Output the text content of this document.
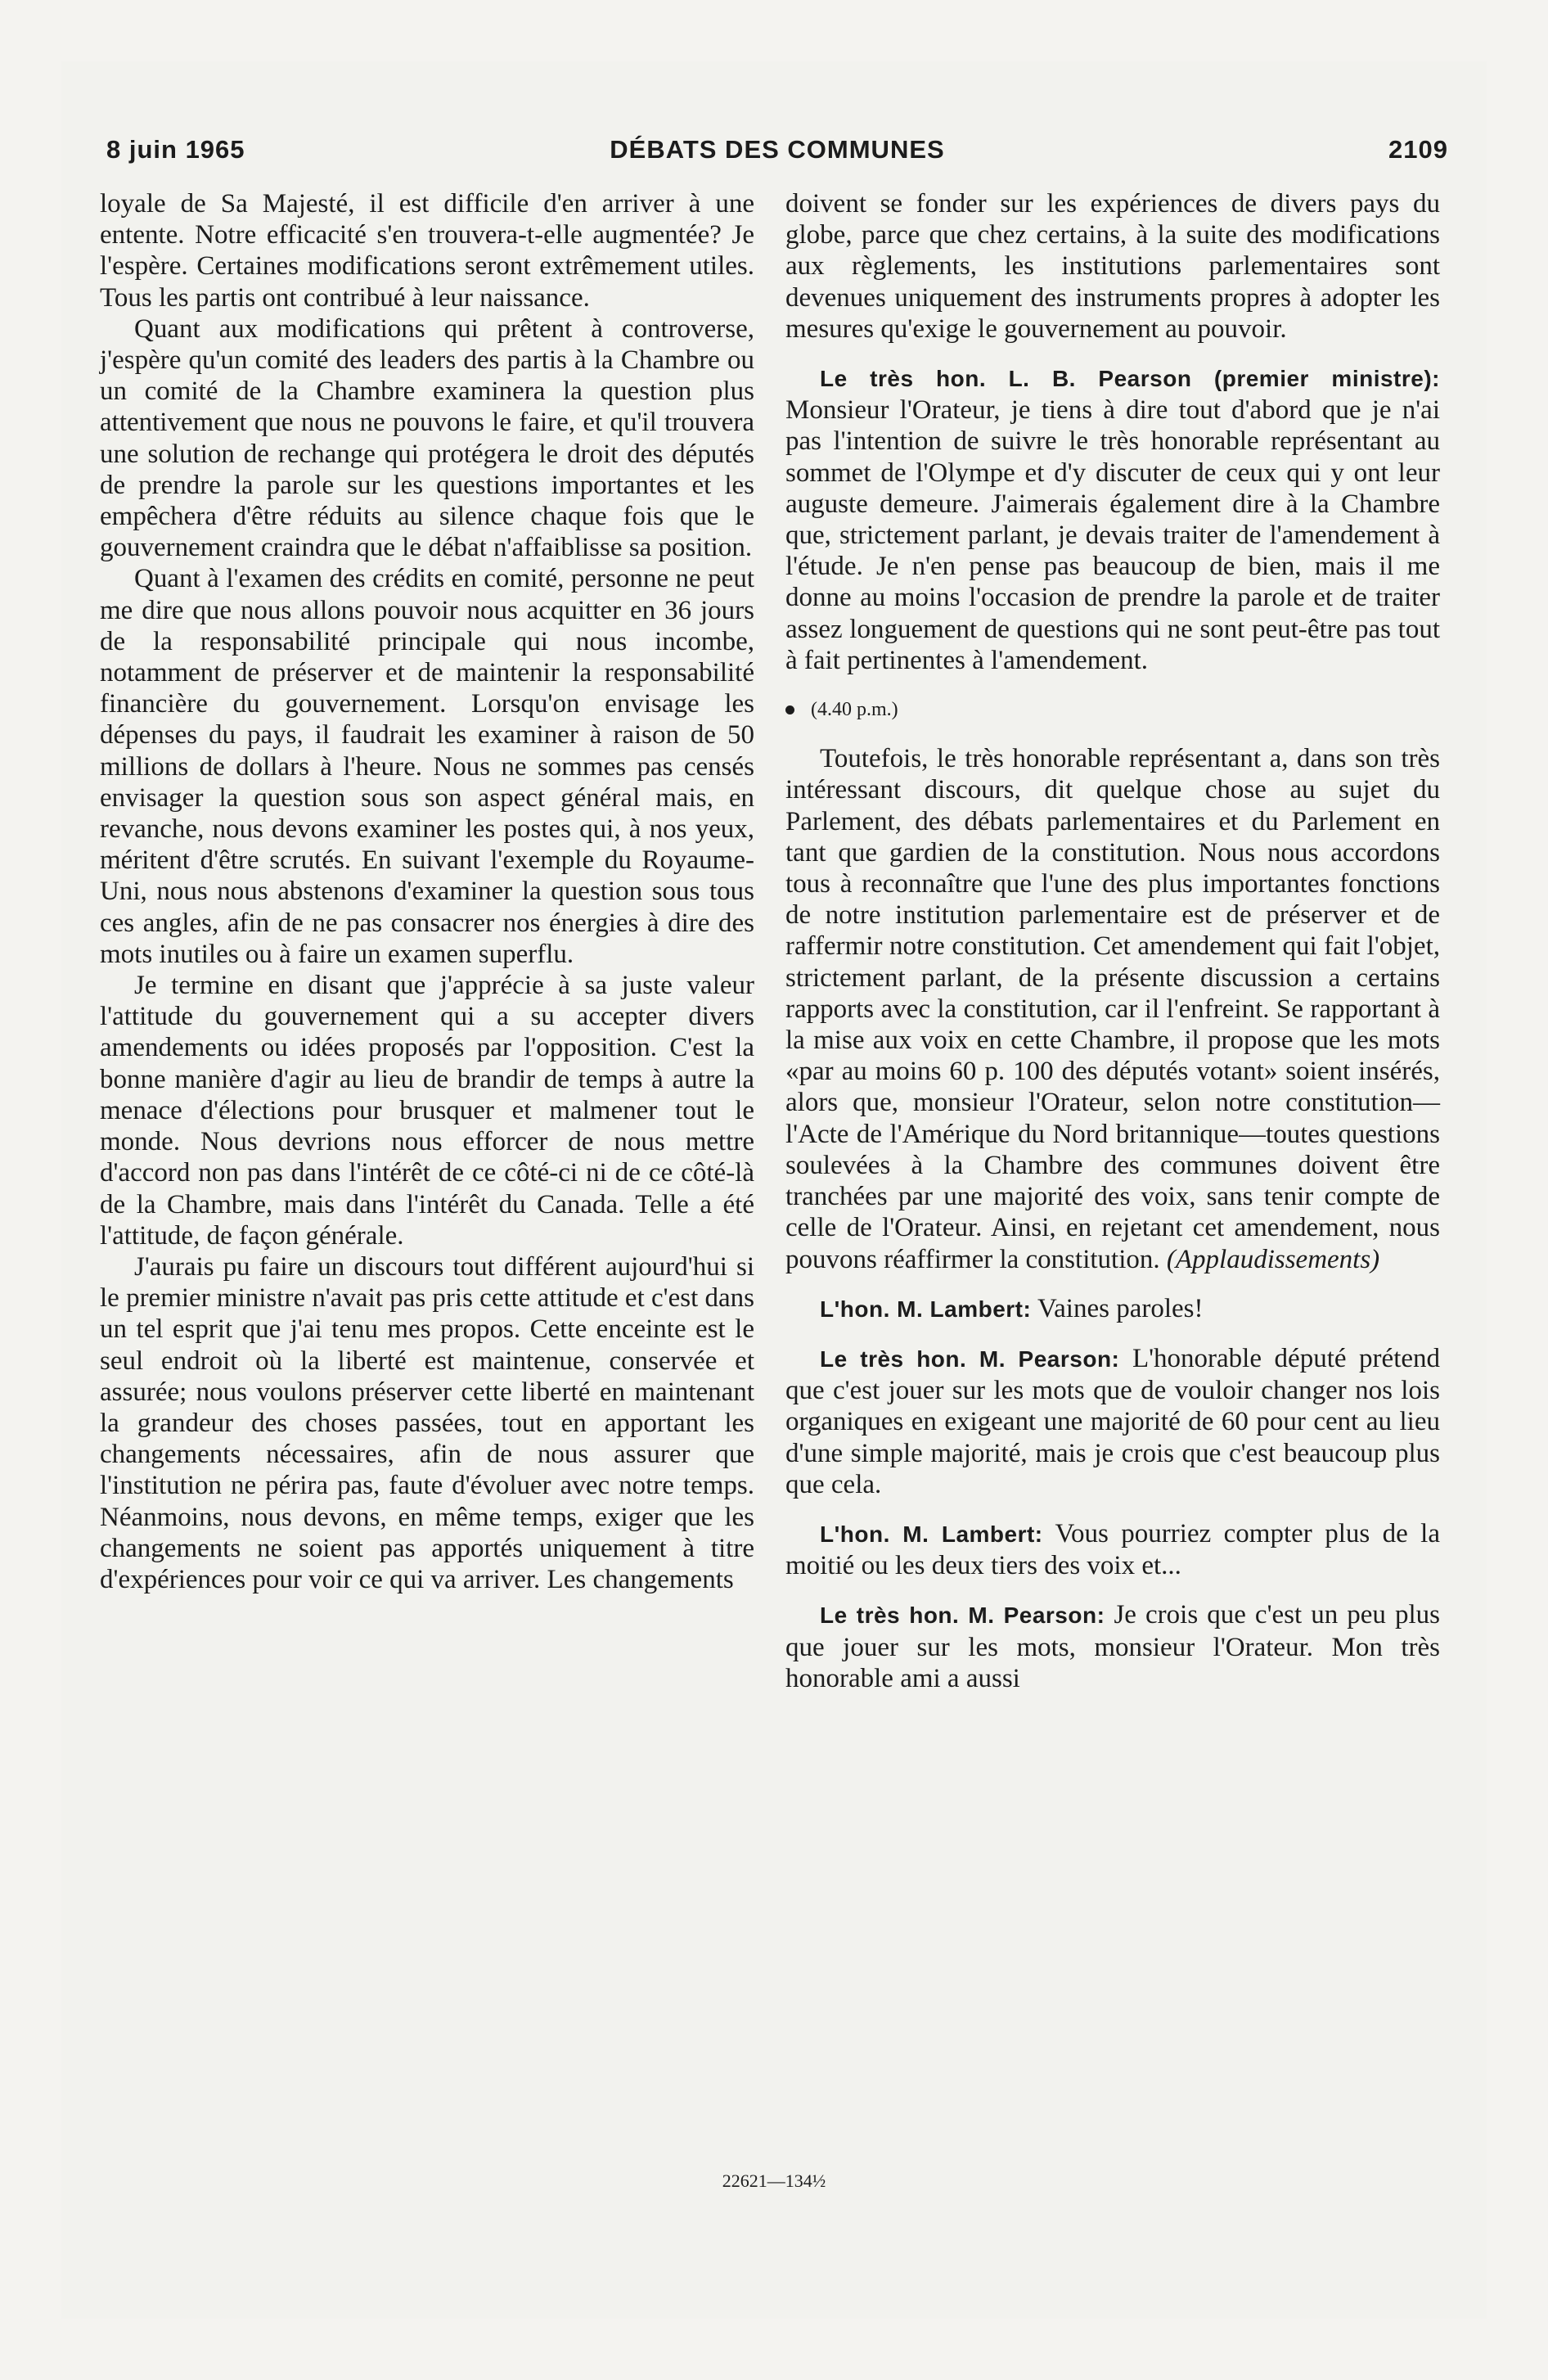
8 juin 1965	DÉBATS DES COMMUNES	2109

loyale de Sa Majesté, il est difficile d'en arriver à une entente. Notre efficacité s'en trouvera-t-elle augmentée? Je l'espère. Certaines modifications seront extrêmement utiles. Tous les partis ont contribué à leur naissance.

Quant aux modifications qui prêtent à controverse, j'espère qu'un comité des leaders des partis à la Chambre ou un comité de la Chambre examinera la question plus attentivement que nous ne pouvons le faire, et qu'il trouvera une solution de rechange qui protégera le droit des députés de prendre la parole sur les questions importantes et les empêchera d'être réduits au silence chaque fois que le gouvernement craindra que le débat n'affaiblisse sa position.

Quant à l'examen des crédits en comité, personne ne peut me dire que nous allons pouvoir nous acquitter en 36 jours de la responsabilité principale qui nous incombe, notamment de préserver et de maintenir la responsabilité financière du gouvernement. Lorsqu'on envisage les dépenses du pays, il faudrait les examiner à raison de 50 millions de dollars à l'heure. Nous ne sommes pas censés envisager la question sous son aspect général mais, en revanche, nous devons examiner les postes qui, à nos yeux, méritent d'être scrutés. En suivant l'exemple du Royaume-Uni, nous nous abstenons d'examiner la question sous tous ces angles, afin de ne pas consacrer nos énergies à dire des mots inutiles ou à faire un examen superflu.

Je termine en disant que j'apprécie à sa juste valeur l'attitude du gouvernement qui a su accepter divers amendements ou idées proposés par l'opposition. C'est la bonne manière d'agir au lieu de brandir de temps à autre la menace d'élections pour brusquer et malmener tout le monde. Nous devrions nous efforcer de nous mettre d'accord non pas dans l'intérêt de ce côté-ci ni de ce côté-là de la Chambre, mais dans l'intérêt du Canada. Telle a été l'attitude, de façon générale.

J'aurais pu faire un discours tout différent aujourd'hui si le premier ministre n'avait pas pris cette attitude et c'est dans un tel esprit que j'ai tenu mes propos. Cette enceinte est le seul endroit où la liberté est maintenue, conservée et assurée; nous voulons préserver cette liberté en maintenant la grandeur des choses passées, tout en apportant les changements nécessaires, afin de nous assurer que l'institution ne périra pas, faute d'évoluer avec notre temps. Néanmoins, nous devons, en même temps, exiger que les changements ne soient pas apportés uniquement à titre d'expériences pour voir ce qui va arriver. Les changements

doivent se fonder sur les expériences de divers pays du globe, parce que chez certains, à la suite des modifications aux règlements, les institutions parlementaires sont devenues uniquement des instruments propres à adopter les mesures qu'exige le gouvernement au pouvoir.

Le très hon. L. B. Pearson (premier ministre): Monsieur l'Orateur, je tiens à dire tout d'abord que je n'ai pas l'intention de suivre le très honorable représentant au sommet de l'Olympe et d'y discuter de ceux qui y ont leur auguste demeure. J'aimerais également dire à la Chambre que, strictement parlant, je devais traiter de l'amendement à l'étude. Je n'en pense pas beaucoup de bien, mais il me donne au moins l'occasion de prendre la parole et de traiter assez longuement de questions qui ne sont peut-être pas tout à fait pertinentes à l'amendement.

(4.40 p.m.)

Toutefois, le très honorable représentant a, dans son très intéressant discours, dit quelque chose au sujet du Parlement, des débats parlementaires et du Parlement en tant que gardien de la constitution. Nous nous accordons tous à reconnaître que l'une des plus importantes fonctions de notre institution parlementaire est de préserver et de raffermir notre constitution. Cet amendement qui fait l'objet, strictement parlant, de la présente discussion a certains rapports avec la constitution, car il l'enfreint. Se rapportant à la mise aux voix en cette Chambre, il propose que les mots «par au moins 60 p. 100 des députés votant» soient insérés, alors que, monsieur l'Orateur, selon notre constitution—l'Acte de l'Amérique du Nord britannique—toutes questions soulevées à la Chambre des communes doivent être tranchées par une majorité des voix, sans tenir compte de celle de l'Orateur. Ainsi, en rejetant cet amendement, nous pouvons réaffirmer la constitution. (Applaudissements)

L'hon. M. Lambert: Vaines paroles!

Le très hon. M. Pearson: L'honorable député prétend que c'est jouer sur les mots que de vouloir changer nos lois organiques en exigeant une majorité de 60 pour cent au lieu d'une simple majorité, mais je crois que c'est beaucoup plus que cela.

L'hon. M. Lambert: Vous pourriez compter plus de la moitié ou les deux tiers des voix et...

Le très hon. M. Pearson: Je crois que c'est un peu plus que jouer sur les mots, monsieur l'Orateur. Mon très honorable ami a aussi

22621—134½
